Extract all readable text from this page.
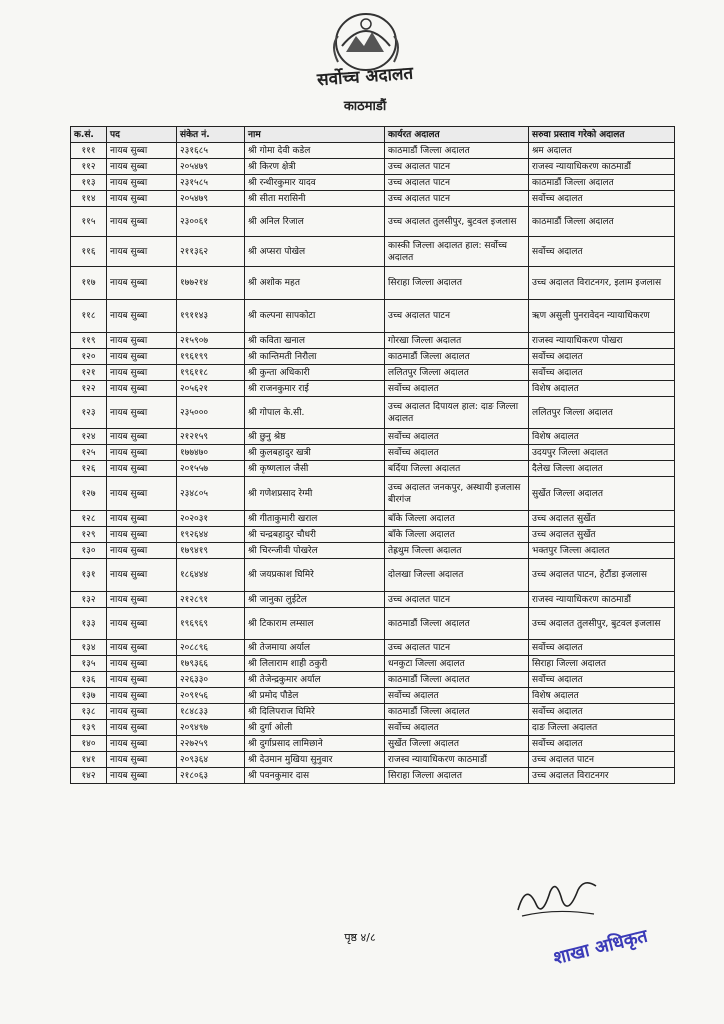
सर्वोच्च अदालत
काठमाडौं
क.सं.	पद	संकेत नं.	नाम	कार्यरत अदालत	सरुवा प्रस्ताव गरेको अदालत
१११	नायब सुब्बा	२३१६८५	श्री गोमा देवी कडेल	काठमाडौं जिल्ला अदालत	श्रम अदालत
११२	नायब सुब्बा	२०५४७९	श्री किरण क्षेत्री	उच्च अदालत पाटन	राजस्व न्यायाधिकरण काठमाडौं
११३	नायब सुब्बा	२३१५८५	श्री रन्धीरकुमार यादव	उच्च अदालत पाटन	काठमाडौं जिल्ला अदालत
११४	नायब सुब्बा	२०५४७९	श्री सीता मरासिनी	उच्च अदालत पाटन	सर्वोच्च अदालत
११५	नायब सुब्बा	२३००६१	श्री अनिल रिजाल	उच्च अदालत तुलसीपुर, बुटवल इजलास	काठमाडौं जिल्ला अदालत
११६	नायब सुब्बा	२११३६२	श्री अप्सरा पोखेल	कास्की जिल्ला अदालत हाल: सर्वोच्च अदालत	सर्वोच्च अदालत
११७	नायब सुब्बा	१७७२१४	श्री अशोक महत	सिराहा जिल्ला अदालत	उच्च अदालत विराटनगर, इलाम इजलास
११८	नायब सुब्बा	१९११४३	श्री कल्पना सापकोटा	उच्च अदालत पाटन	ऋण असुली पुनरावेदन न्यायाधिकरण
११९	नायब सुब्बा	२१५९०७	श्री कविता खनाल	गोरखा जिल्ला अदालत	राजस्व न्यायाधिकरण पोखरा
१२०	नायब सुब्बा	१९६१९९	श्री कान्तिमती निरौला	काठमाडौं जिल्ला अदालत	सर्वोच्च अदालत
१२१	नायब सुब्बा	१९६११८	श्री कुन्ता अधिकारी	ललितपुर जिल्ला अदालत	सर्वोच्च अदालत
१२२	नायब सुब्बा	२०५६२१	श्री राजनकुमार राई	सर्वोच्च अदालत	विशेष अदालत
१२३	नायब सुब्बा	२३५०००	श्री गोपाल के.सी.	उच्च अदालत दिपायल हाल: दाङ जिल्ला अदालत	ललितपुर जिल्ला अदालत
१२४	नायब सुब्बा	२१२१५९	श्री छुनु श्रेष्ठ	सर्वोच्च अदालत	विशेष अदालत
१२५	नायब सुब्बा	१७७४७०	श्री कुलबहादुर खत्री	सर्वोच्च अदालत	उदयपुर जिल्ला अदालत
१२६	नायब सुब्बा	२०१५५७	श्री कृष्णलाल जैसी	बर्दिया जिल्ला अदालत	दैलेख जिल्ला अदालत
१२७	नायब सुब्बा	२३४८०५	श्री गणेशप्रसाद रेग्मी	उच्च अदालत जनकपुर, अस्थायी इजलास बीरगंज	सुर्खेत जिल्ला अदालत
१२८	नायब सुब्बा	२०२०३१	श्री गीताकुमारी खराल	बाँके जिल्ला अदालत	उच्च अदालत सुर्खेत
१२९	नायब सुब्बा	१९२६४४	श्री चन्द्रबहादुर चौधरी	बाँके जिल्ला अदालत	उच्च अदालत सुर्खेत
१३०	नायब सुब्बा	१७९४१९	श्री चिरन्जीवी पोखरेल	तेह्रथुम जिल्ला अदालत	भक्तपुर जिल्ला अदालत
१३१	नायब सुब्बा	१८६४४४	श्री जयप्रकाश घिमिरे	दोलखा जिल्ला अदालत	उच्च अदालत पाटन, हेटौंडा इजलास
१३२	नायब सुब्बा	२१२८९१	श्री जानुका लुईटेल	उच्च अदालत पाटन	राजस्व न्यायाधिकरण काठमाडौं
१३३	नायब सुब्बा	१९६९६९	श्री टिकाराम लम्साल	काठमाडौं जिल्ला अदालत	उच्च अदालत तुलसीपुर, बुटवल इजलास
१३४	नायब सुब्बा	२०८८९६	श्री तेजमाया अर्याल	उच्च अदालत पाटन	सर्वोच्च अदालत
१३५	नायब सुब्बा	१७९३६६	श्री लिलाराम शाही ठकुरी	धनकुटा जिल्ला अदालत	सिराहा जिल्ला अदालत
१३६	नायब सुब्बा	२२६३३०	श्री तेजेन्द्रकुमार अर्याल	काठमाडौं जिल्ला अदालत	सर्वोच्च अदालत
१३७	नायब सुब्बा	२०९१५६	श्री प्रमोद पौडेल	सर्वोच्च अदालत	विशेष अदालत
१३८	नायब सुब्बा	१८४८३३	श्री दिलिपराज घिमिरे	काठमाडौं जिल्ला अदालत	सर्वोच्च अदालत
१३९	नायब सुब्बा	२०९४९७	श्री दुर्गा ओली	सर्वोच्च अदालत	दाङ जिल्ला अदालत
१४०	नायब सुब्बा	२२७२५९	श्री दुर्गाप्रसाद लामिछाने	सुर्खेत जिल्ला अदालत	सर्वोच्च अदालत
१४१	नायब सुब्बा	२०९३६४	श्री देउमान मुखिया सुनुवार	राजस्व न्यायाधिकरण काठमाडौं	उच्च अदालत पाटन
१४२	नायब सुब्बा	२१८०६३	श्री पवनकुमार दास	सिराहा जिल्ला अदालत	उच्च अदालत विराटनगर
पृष्ठ ४/८	शाखा अधिकृत
